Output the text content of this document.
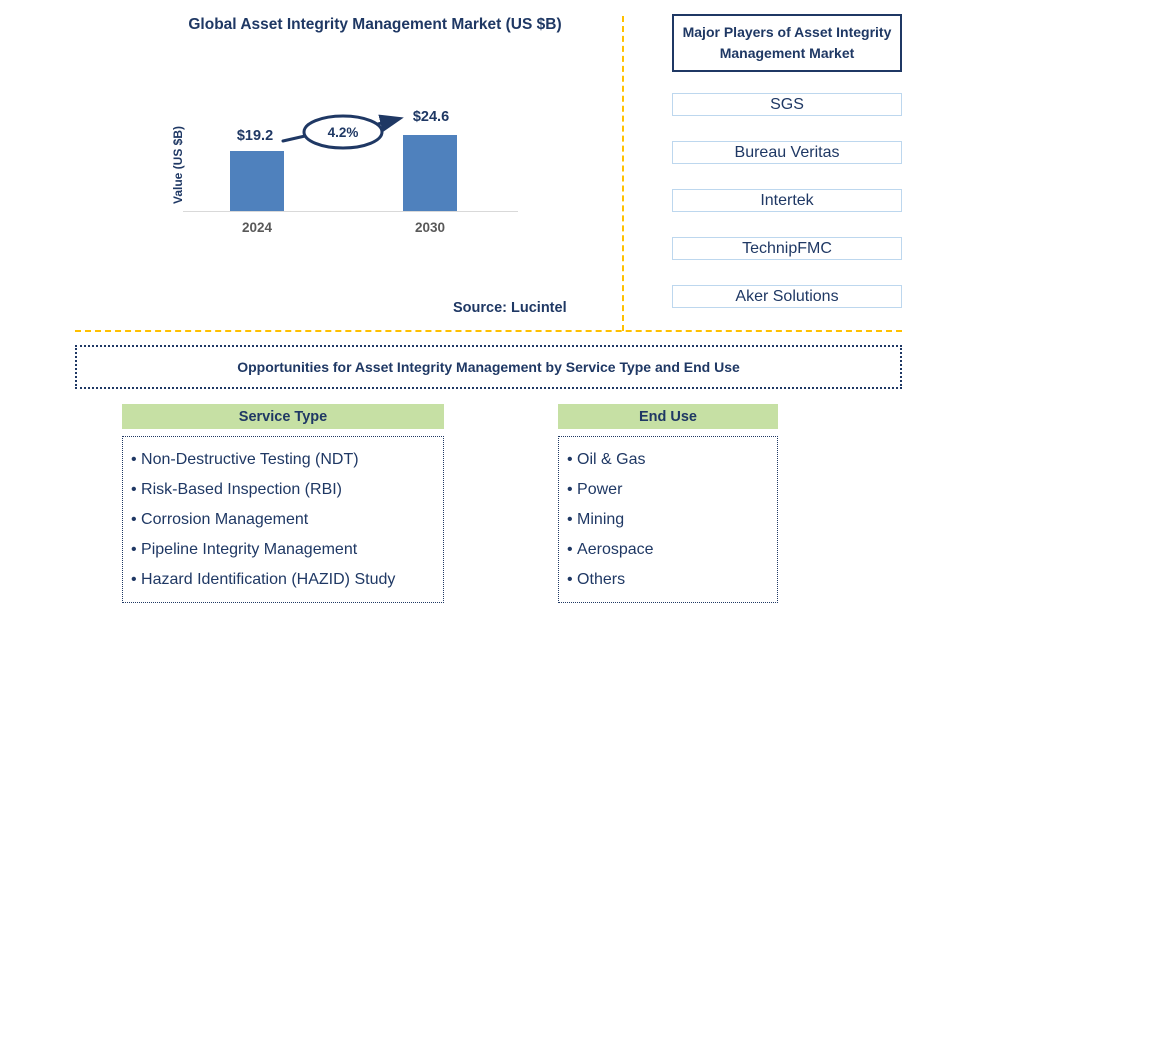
Global Asset Integrity Management Market (US $B)
Value (US $B)	$19.2
$24.6
2024	2030
4.2%
Source: Lucintel
Major Players of Asset Integrity Management Market
SGS
Bureau Veritas
Intertek
TechnipFMC
Aker Solutions
Opportunities for Asset Integrity Management by Service Type and End Use
Service Type
• Non-Destructive Testing (NDT)
• Risk-Based Inspection (RBI)
• Corrosion Management
• Pipeline Integrity Management
• Hazard Identification (HAZID) Study
End Use
• Oil & Gas
• Power
• Mining
• Aerospace
• Others
